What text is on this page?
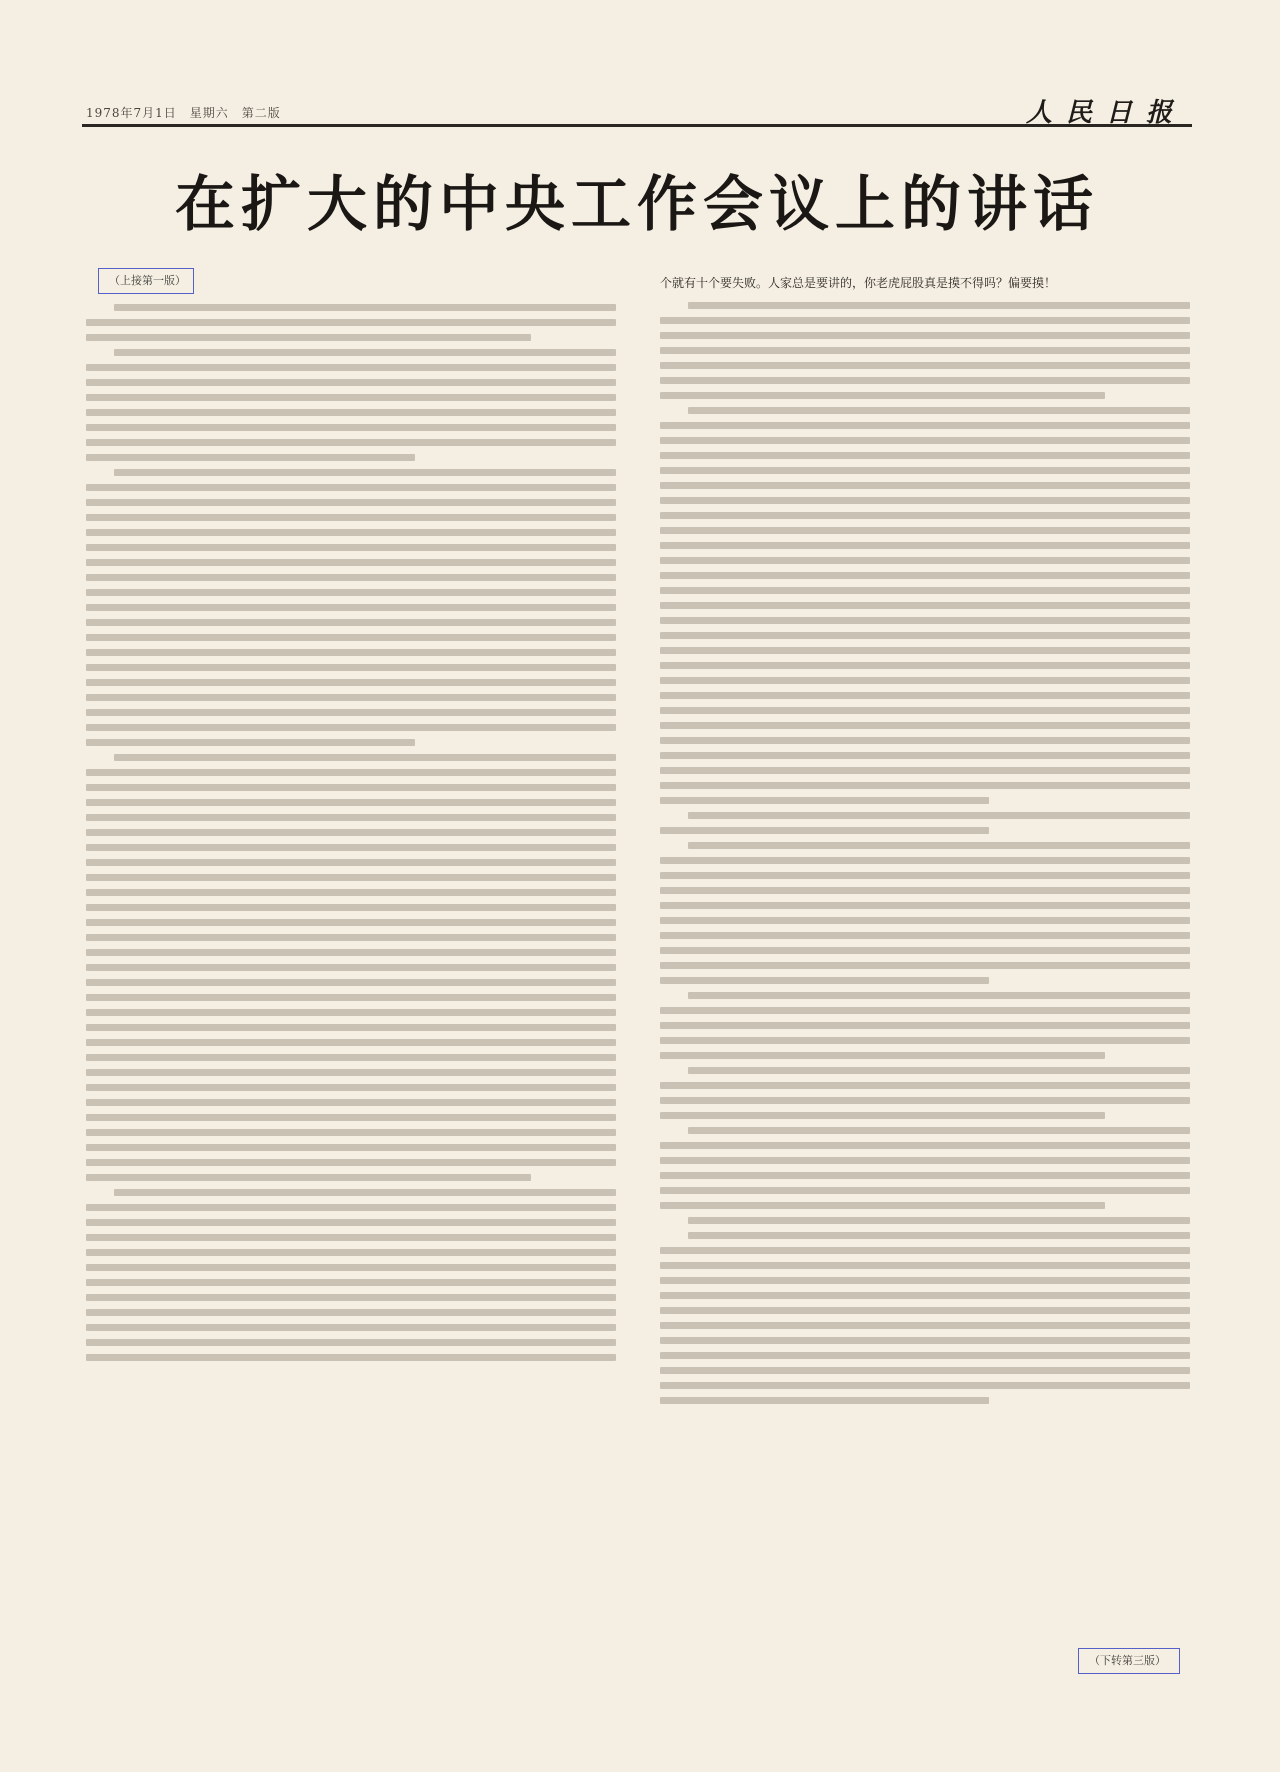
1978年7月1日　星期六　第二版	人民日报
在扩大的中央工作会议上的讲话
（上接第一版）	个就有十个要失败。人家总是要讲的，你老虎屁股真是摸不得吗？偏要摸！
（下转第三版）
